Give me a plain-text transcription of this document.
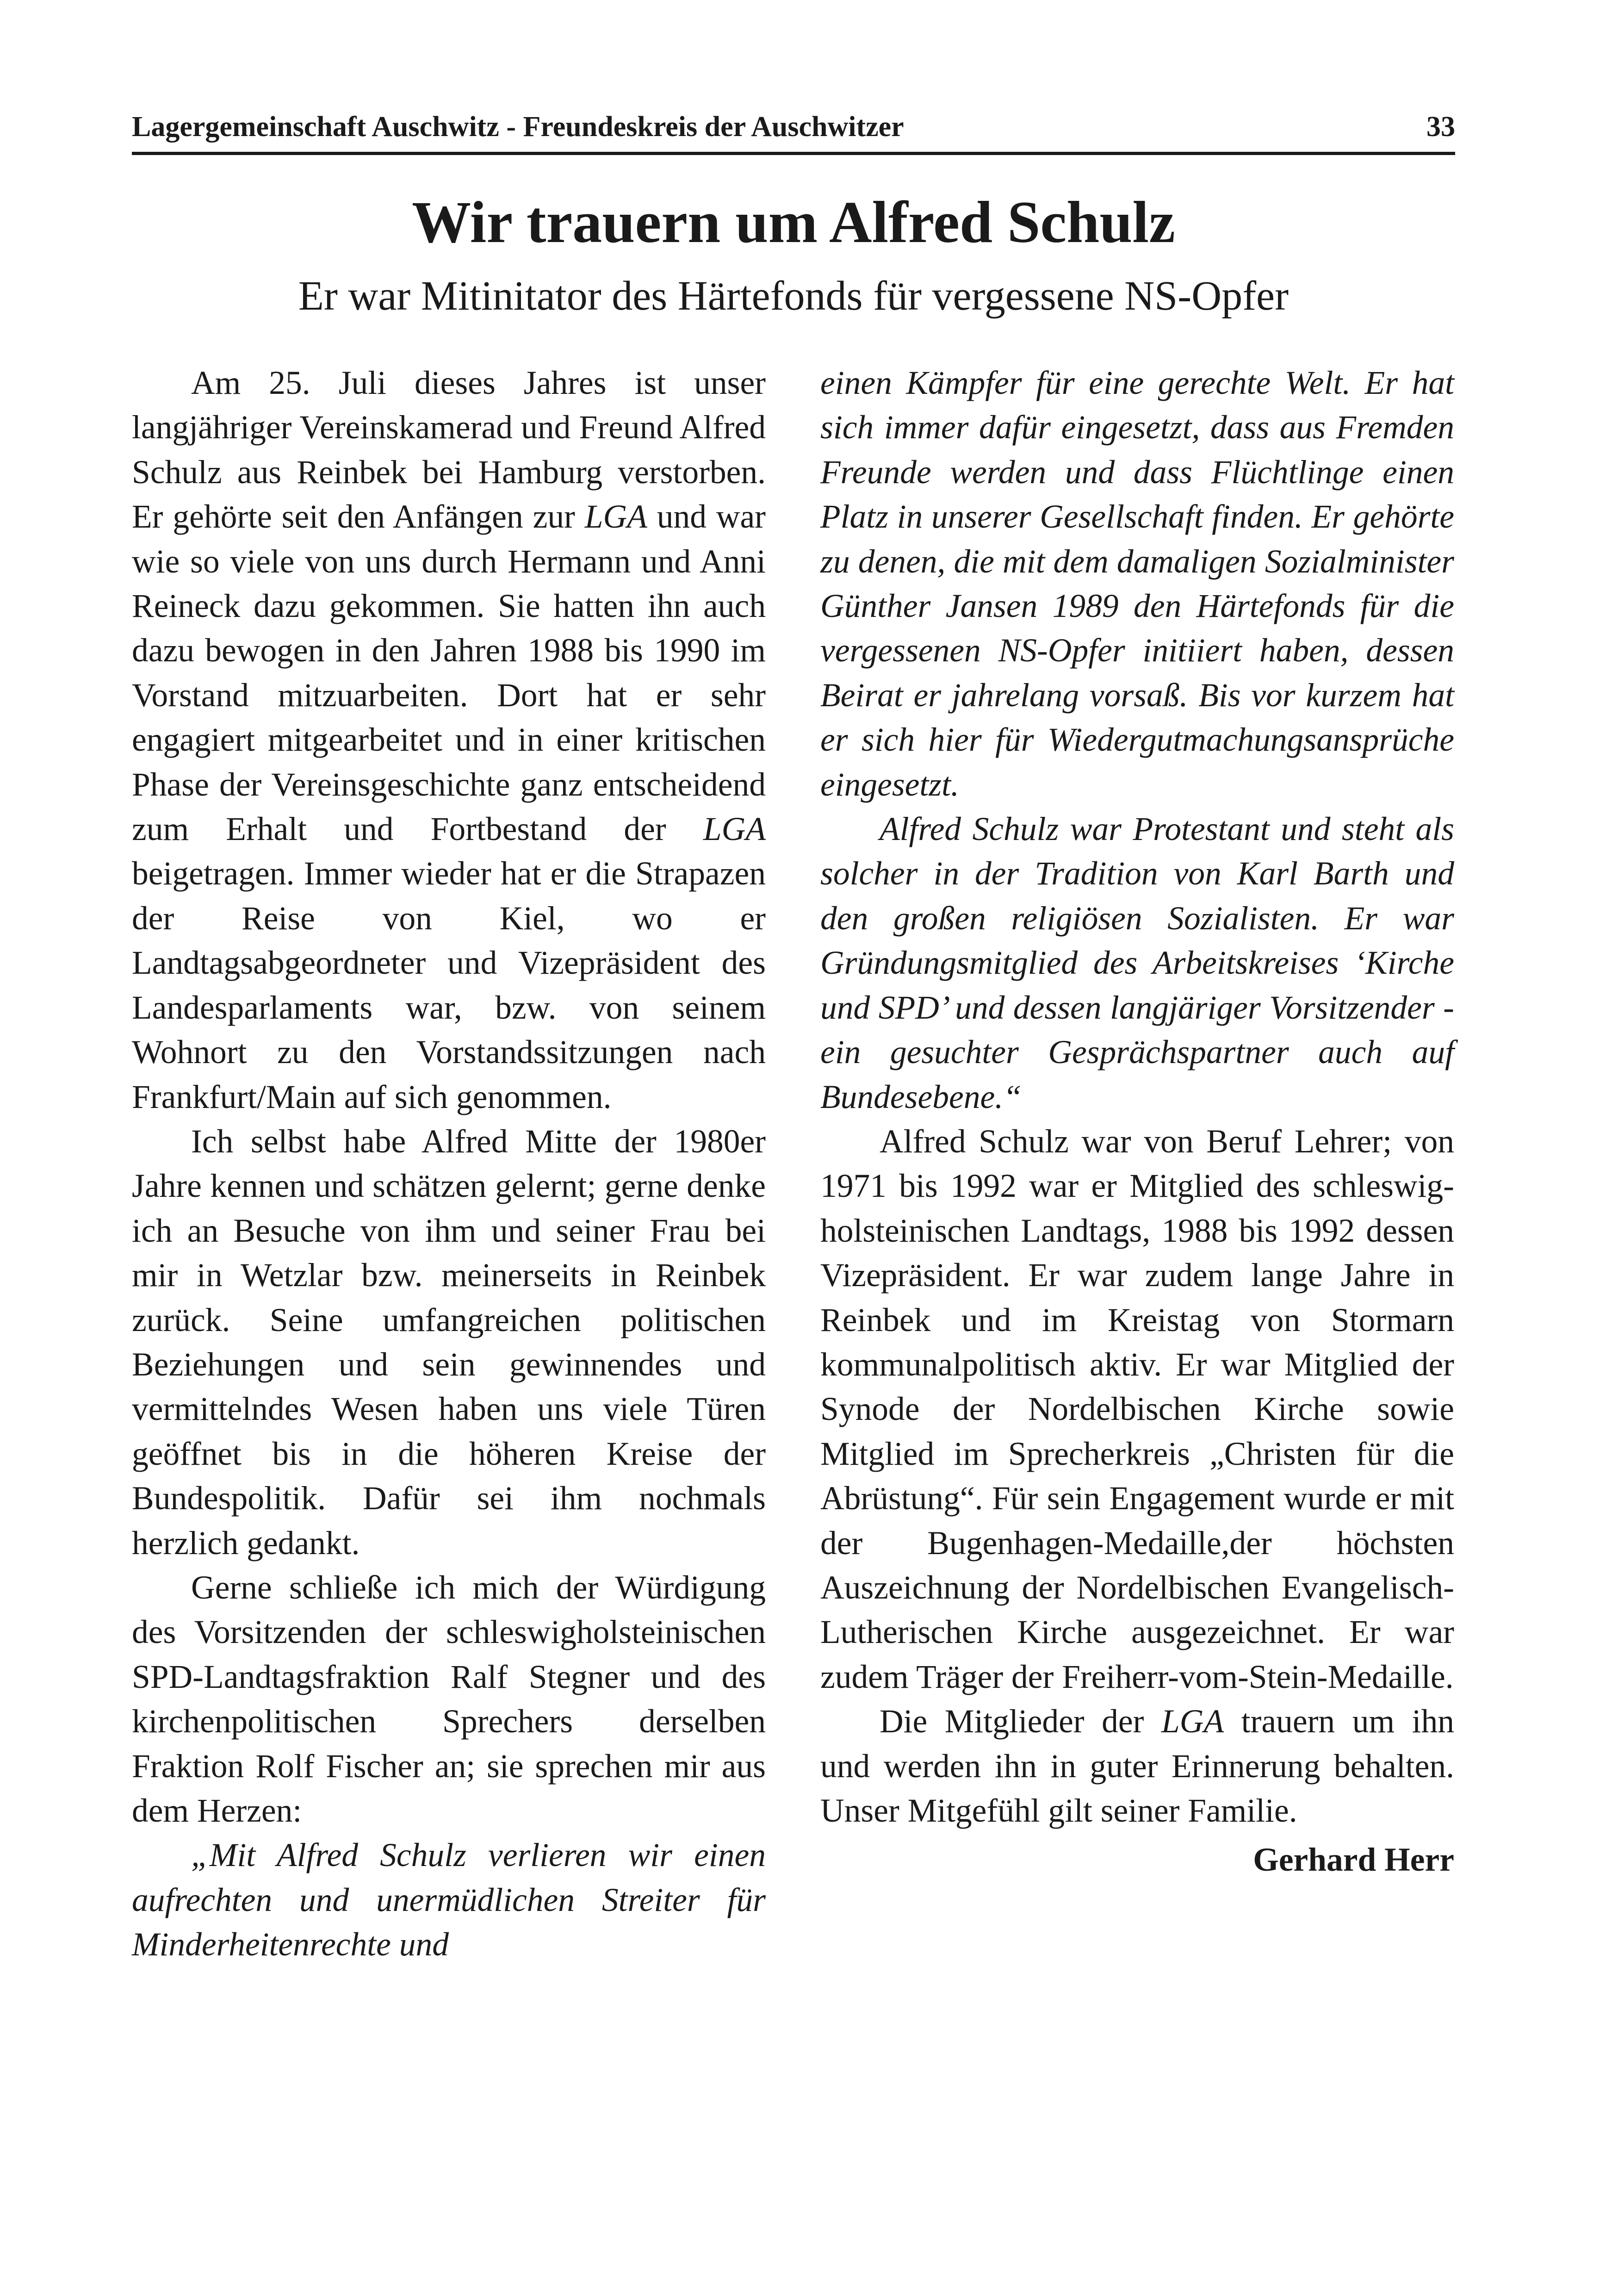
Lagergemeinschaft Auschwitz - Freundeskreis der Auschwitzer	33
Wir trauern um Alfred Schulz
Er war Mitinitator des Härtefonds für vergessene NS-Opfer

Am 25. Juli dieses Jahres ist unser langjähriger Vereinskamerad und Freund Alfred Schulz aus Reinbek bei Hamburg verstorben. Er gehörte seit den Anfängen zur LGA und war wie so viele von uns durch Hermann und Anni Reineck dazu gekommen. Sie hatten ihn auch dazu bewogen in den Jahren 1988 bis 1990 im Vorstand mitzuarbeiten. Dort hat er sehr engagiert mitgearbeitet und in einer kritischen Phase der Vereinsgeschichte ganz entscheidend zum Erhalt und Fortbestand der LGA beigetragen. Immer wieder hat er die Strapazen der Reise von Kiel, wo er Landtagsabgeordneter und Vizepräsident des Landesparlaments war, bzw. von seinem Wohnort zu den Vorstandssitzungen nach Frankfurt/Main auf sich genommen.

Ich selbst habe Alfred Mitte der 1980er Jahre kennen und schätzen gelernt; gerne denke ich an Besuche von ihm und seiner Frau bei mir in Wetzlar bzw. meinerseits in Reinbek zurück. Seine umfangreichen politischen Beziehungen und sein gewinnendes und vermittelndes Wesen haben uns viele Türen geöffnet bis in die höheren Kreise der Bundespolitik. Dafür sei ihm nochmals herzlich gedankt.

Gerne schließe ich mich der Würdigung des Vorsitzenden der schleswigholsteinischen SPD-Landtagsfraktion Ralf Stegner und des kirchenpolitischen Sprechers derselben Fraktion Rolf Fischer an; sie sprechen mir aus dem Herzen:

„Mit Alfred Schulz verlieren wir einen aufrechten und unermüdlichen Streiter für Minderheitenrechte und

einen Kämpfer für eine gerechte Welt. Er hat sich immer dafür eingesetzt, dass aus Fremden Freunde werden und dass Flüchtlinge einen Platz in unserer Gesellschaft finden. Er gehörte zu denen, die mit dem damaligen Sozialminister Günther Jansen 1989 den Härtefonds für die vergessenen NS-Opfer initiiert haben, dessen Beirat er jahrelang vorsaß. Bis vor kurzem hat er sich hier für Wiedergutmachungsansprüche eingesetzt.

Alfred Schulz war Protestant und steht als solcher in der Tradition von Karl Barth und den großen religiösen Sozialisten. Er war Gründungsmitglied des Arbeitskreises ‘Kirche und SPD’ und dessen langjäriger Vorsitzender - ein gesuchter Gesprächspartner auch auf Bundesebene.“

Alfred Schulz war von Beruf Lehrer; von 1971 bis 1992 war er Mitglied des schleswig-holsteinischen Landtags, 1988 bis 1992 dessen Vizepräsident. Er war zudem lange Jahre in Reinbek und im Kreistag von Stormarn kommunalpolitisch aktiv. Er war Mitglied der Synode der Nordelbischen Kirche sowie Mitglied im Sprecherkreis „Christen für die Abrüstung“. Für sein Engagement wurde er mit der Bugenhagen-Medaille,der höchsten Auszeichnung der Nordelbischen Evangelisch-Lutherischen Kirche ausgezeichnet. Er war zudem Träger der Freiherr-vom-Stein-Medaille.

Die Mitglieder der LGA trauern um ihn und werden ihn in guter Erinnerung behalten. Unser Mitgefühl gilt seiner Familie.

Gerhard Herr
